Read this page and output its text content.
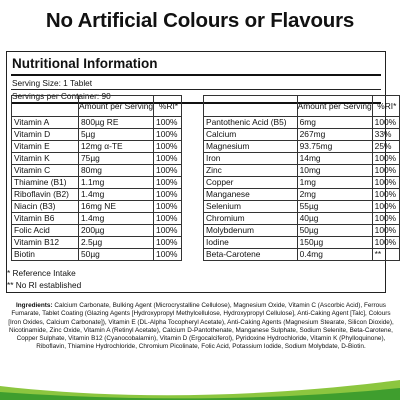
No Artificial Colours or Flavours
Nutritional Information
Serving Size: 1 Tablet
Servings per Container: 90
	Amount per Serving	%RI*
Vitamin A	800µg RE	100%
Vitamin D	5µg	100%
Vitamin E	12mg α-TE	100%
Vitamin K	75µg	100%
Vitamin C	80mg	100%
Thiamine (B1)	1.1mg	100%
Riboflavin (B2)	1.4mg	100%
Niacin (B3)	16mg NE	100%
Vitamin B6	1.4mg	100%
Folic Acid	200µg	100%
Vitamin B12	2.5µg	100%
Biotin	50µg	100%
	Amount per Serving	%RI*
Pantothenic Acid (B5)	6mg	100%
Calcium	267mg	33%
Magnesium	93.75mg	25%
Iron	14mg	100%
Zinc	10mg	100%
Copper	1mg	100%
Manganese	2mg	100%
Selenium	55µg	100%
Chromium	40µg	100%
Molybdenum	50µg	100%
Iodine	150µg	100%
Beta-Carotene	0.4mg	**
* Reference Intake
** No RI established
Ingredients: Calcium Carbonate, Bulking Agent (Microcrystalline Cellulose), Magnesium Oxide, Vitamin C (Ascorbic Acid), Ferrous Fumarate, Tablet Coating (Glazing Agents [Hydroxypropyl Methylcellulose, Hydroxypropyl Cellulose], Anti-Caking Agent [Talc], Colours [Iron Oxides, Calcium Carbonate]), Vitamin E (DL-Alpha Tocopheryl Acetate), Anti-Caking Agents (Magnesium Stearate, Silicon Dioxide), Nicotinamide, Zinc Oxide, Vitamin A (Retinyl Acetate), Calcium D-Pantothenate, Manganese Sulphate, Sodium Selenite, Beta-Carotene, Copper Sulphate, Vitamin B12 (Cyanocobalamin), Vitamin D (Ergocalciferol), Pyridoxine Hydrochloride, Vitamin K (Phylloquinone), Riboflavin, Thiamine Hydrochloride, Chromium Picolinate, Folic Acid, Potassium Iodide, Sodium Molybdate, D-Biotin.
